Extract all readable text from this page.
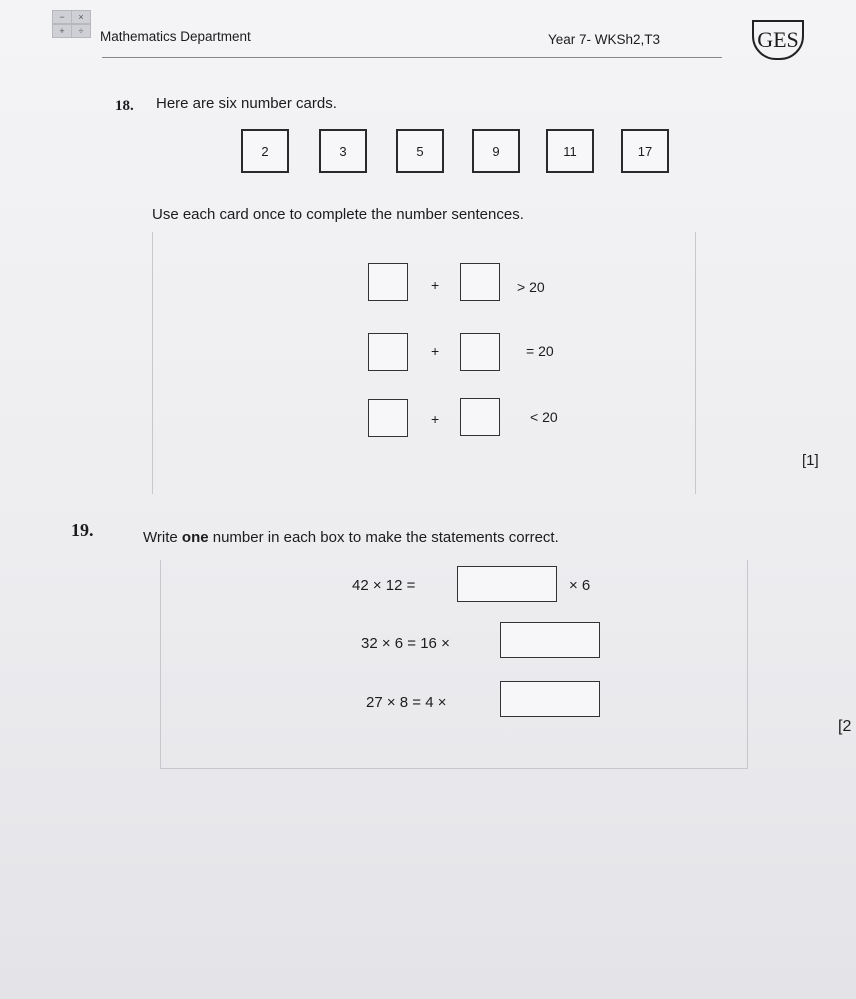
−	×
+	÷	Mathematics Department	Year 7- WKSh2,T3	GES
18. Here are six number cards.
2	3	5	9	11	17
Use each card once to complete the number sentences.
+	> 20
+	= 20
+	< 20
[1]
19.	Write one number in each box to make the statements correct.
42 × 12 =	× 6
32 × 6 = 16 ×
27 × 8 = 4 ×
[2
